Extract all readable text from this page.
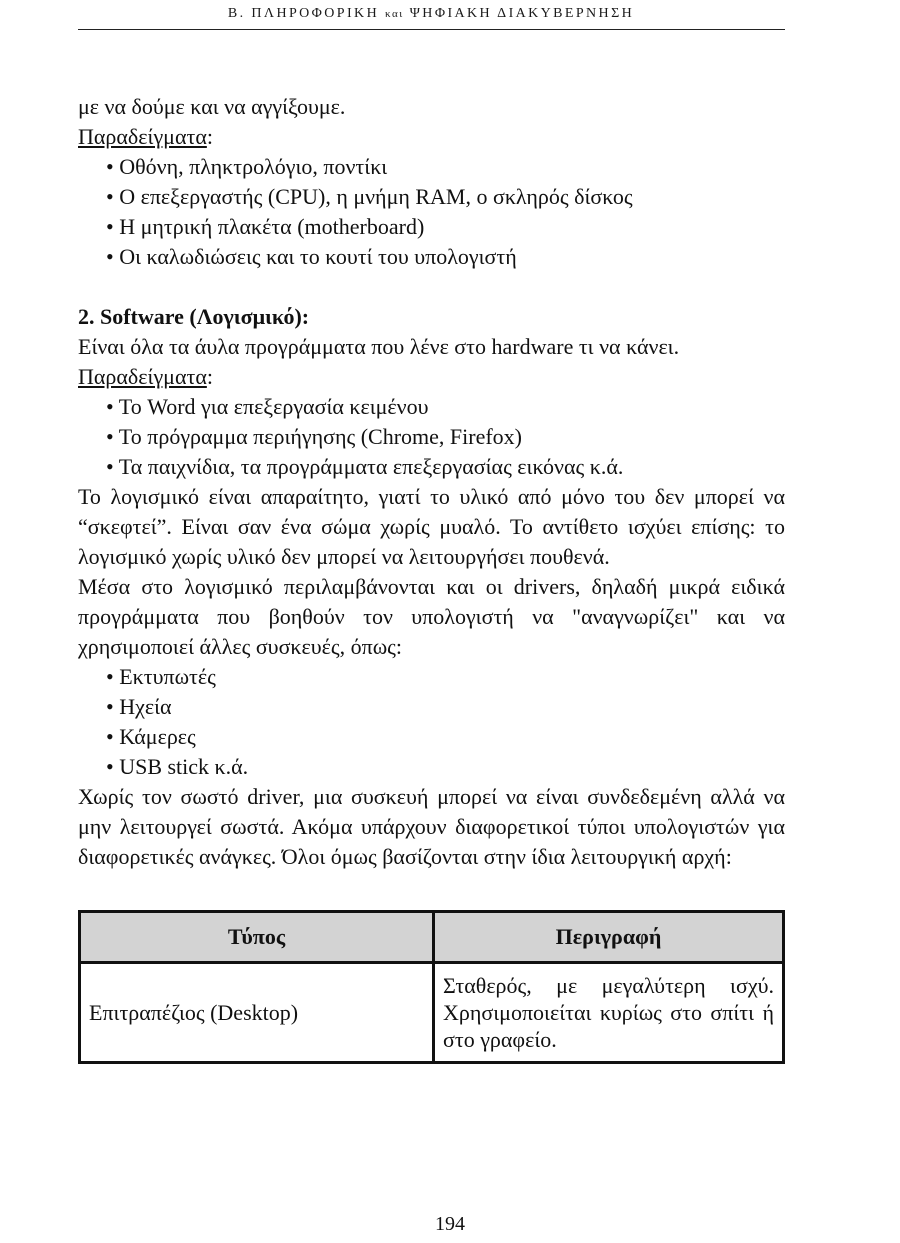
Β. ΠΛΗΡΟΦΟΡΙΚΗ και ΨΗΦΙΑΚΗ ΔΙΑΚΥΒΕΡΝΗΣΗ

με να δούμε και να αγγίξουμε.

Παραδείγματα:

• Οθόνη, πληκτρολόγιο, ποντίκι
• Ο επεξεργαστής (CPU), η μνήμη RAM, ο σκληρός δίσκος
• Η μητρική πλακέτα (motherboard)
• Οι καλωδιώσεις και το κουτί του υπολογιστή

2. Software (Λογισμικό):

Είναι όλα τα άυλα προγράμματα που λένε στο hardware τι να κάνει.

Παραδείγματα:

• Το Word για επεξεργασία κειμένου
• Το πρόγραμμα περιήγησης (Chrome, Firefox)
• Τα παιχνίδια, τα προγράμματα επεξεργασίας εικόνας κ.ά.

Το λογισμικό είναι απαραίτητο, γιατί το υλικό από μόνο του δεν μπορεί να “σκεφτεί”. Είναι σαν ένα σώμα χωρίς μυαλό. Το αντίθετο ισχύει επίσης: το λογισμικό χωρίς υλικό δεν μπορεί να λειτουργήσει πουθενά.

Μέσα στο λογισμικό περιλαμβάνονται και οι drivers, δηλαδή μικρά ειδικά προγράμματα που βοηθούν τον υπολογιστή να "αναγνωρίζει" και να χρησιμοποιεί άλλες συσκευές, όπως:

• Εκτυπωτές
• Ηχεία
• Κάμερες
• USB stick κ.ά.

Χωρίς τον σωστό driver, μια συσκευή μπορεί να είναι συνδεδεμένη αλλά να μην λειτουργεί σωστά. Ακόμα υπάρχουν διαφορετικοί τύποι υπολογιστών για διαφορετικές ανάγκες. Όλοι όμως βασίζονται στην ίδια λειτουργική αρχή:

Τύπος	Περιγραφή
Επιτραπέζιος (Desktop)	Σταθερός, με μεγαλύτερη ισχύ. Χρησιμοποιείται κυρίως στο σπίτι ή στο γραφείο.
194
